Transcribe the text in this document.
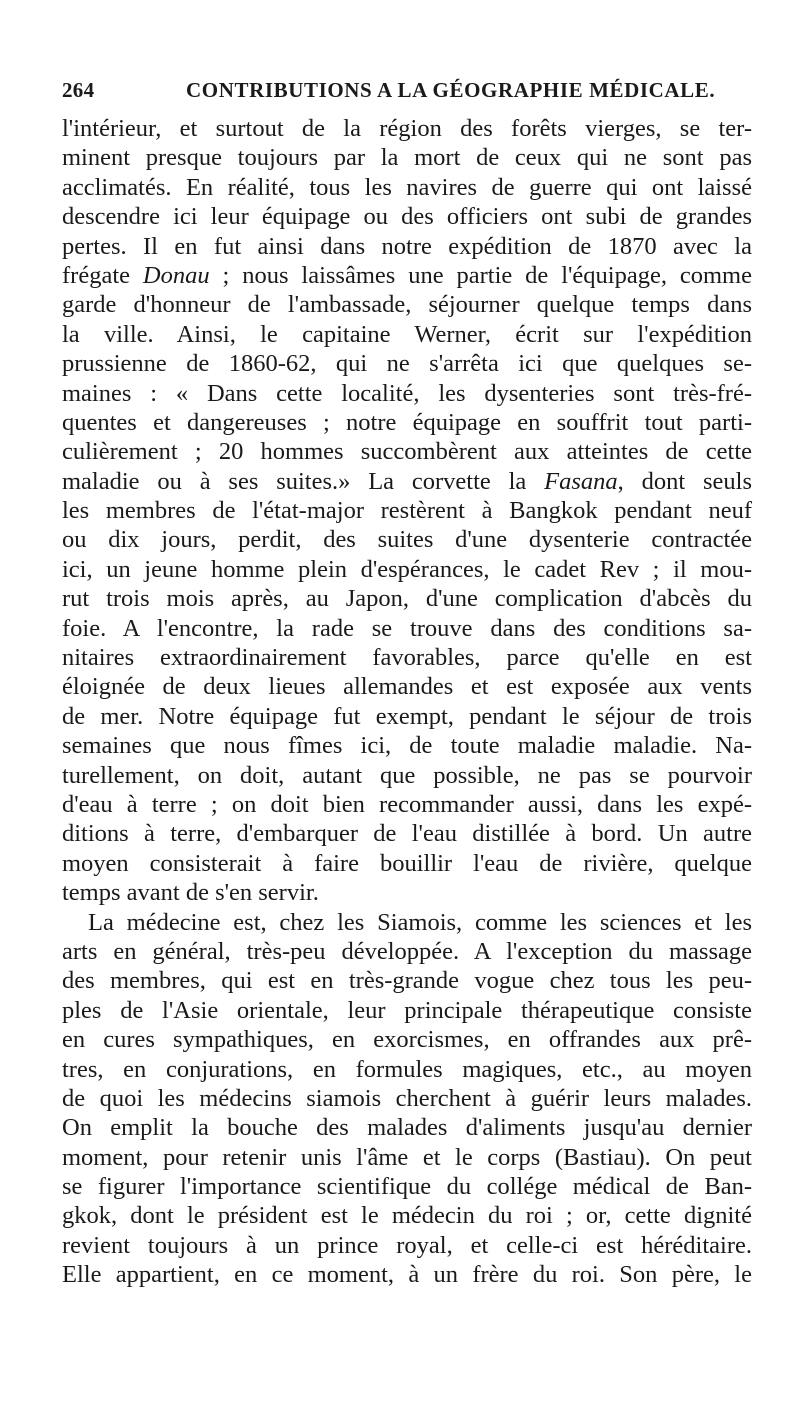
264	CONTRIBUTIONS A LA GÉOGRAPHIE MÉDICALE.
l'intérieur, et surtout de la région des forêts vierges, se ter-
minent presque toujours par la mort de ceux qui ne sont pas
acclimatés. En réalité, tous les navires de guerre qui ont laissé
descendre ici leur équipage ou des officiers ont subi de grandes
pertes. Il en fut ainsi dans notre expédition de 1870 avec la
frégate Donau ; nous laissâmes une partie de l'équipage, comme
garde d'honneur de l'ambassade, séjourner quelque temps dans
la ville. Ainsi, le capitaine Werner, écrit sur l'expédition
prussienne de 1860-62, qui ne s'arrêta ici que quelques se-
maines : « Dans cette localité, les dysenteries sont très-fré-
quentes et dangereuses ; notre équipage en souffrit tout parti-
culièrement ; 20 hommes succombèrent aux atteintes de cette
maladie ou à ses suites.» La corvette la Fasana, dont seuls
les membres de l'état-major restèrent à Bangkok pendant neuf
ou dix jours, perdit, des suites d'une dysenterie contractée
ici, un jeune homme plein d'espérances, le cadet Rev ; il mou-
rut trois mois après, au Japon, d'une complication d'abcès du
foie. A l'encontre, la rade se trouve dans des conditions sa-
nitaires extraordinairement favorables, parce qu'elle en est
éloignée de deux lieues allemandes et est exposée aux vents
de mer. Notre équipage fut exempt, pendant le séjour de trois
semaines que nous fîmes ici, de toute maladie maladie. Na-
turellement, on doit, autant que possible, ne pas se pourvoir
d'eau à terre ; on doit bien recommander aussi, dans les expé-
ditions à terre, d'embarquer de l'eau distillée à bord. Un autre
moyen consisterait à faire bouillir l'eau de rivière, quelque
temps avant de s'en servir.
La médecine est, chez les Siamois, comme les sciences et les
arts en général, très-peu développée. A l'exception du massage
des membres, qui est en très-grande vogue chez tous les peu-
ples de l'Asie orientale, leur principale thérapeutique consiste
en cures sympathiques, en exorcismes, en offrandes aux prê-
tres, en conjurations, en formules magiques, etc., au moyen
de quoi les médecins siamois cherchent à guérir leurs malades.
On emplit la bouche des malades d'aliments jusqu'au dernier
moment, pour retenir unis l'âme et le corps (Bastiau). On peut
se figurer l'importance scientifique du collége médical de Ban-
gkok, dont le président est le médecin du roi ; or, cette dignité
revient toujours à un prince royal, et celle-ci est héréditaire.
Elle appartient, en ce moment, à un frère du roi. Son père, le
